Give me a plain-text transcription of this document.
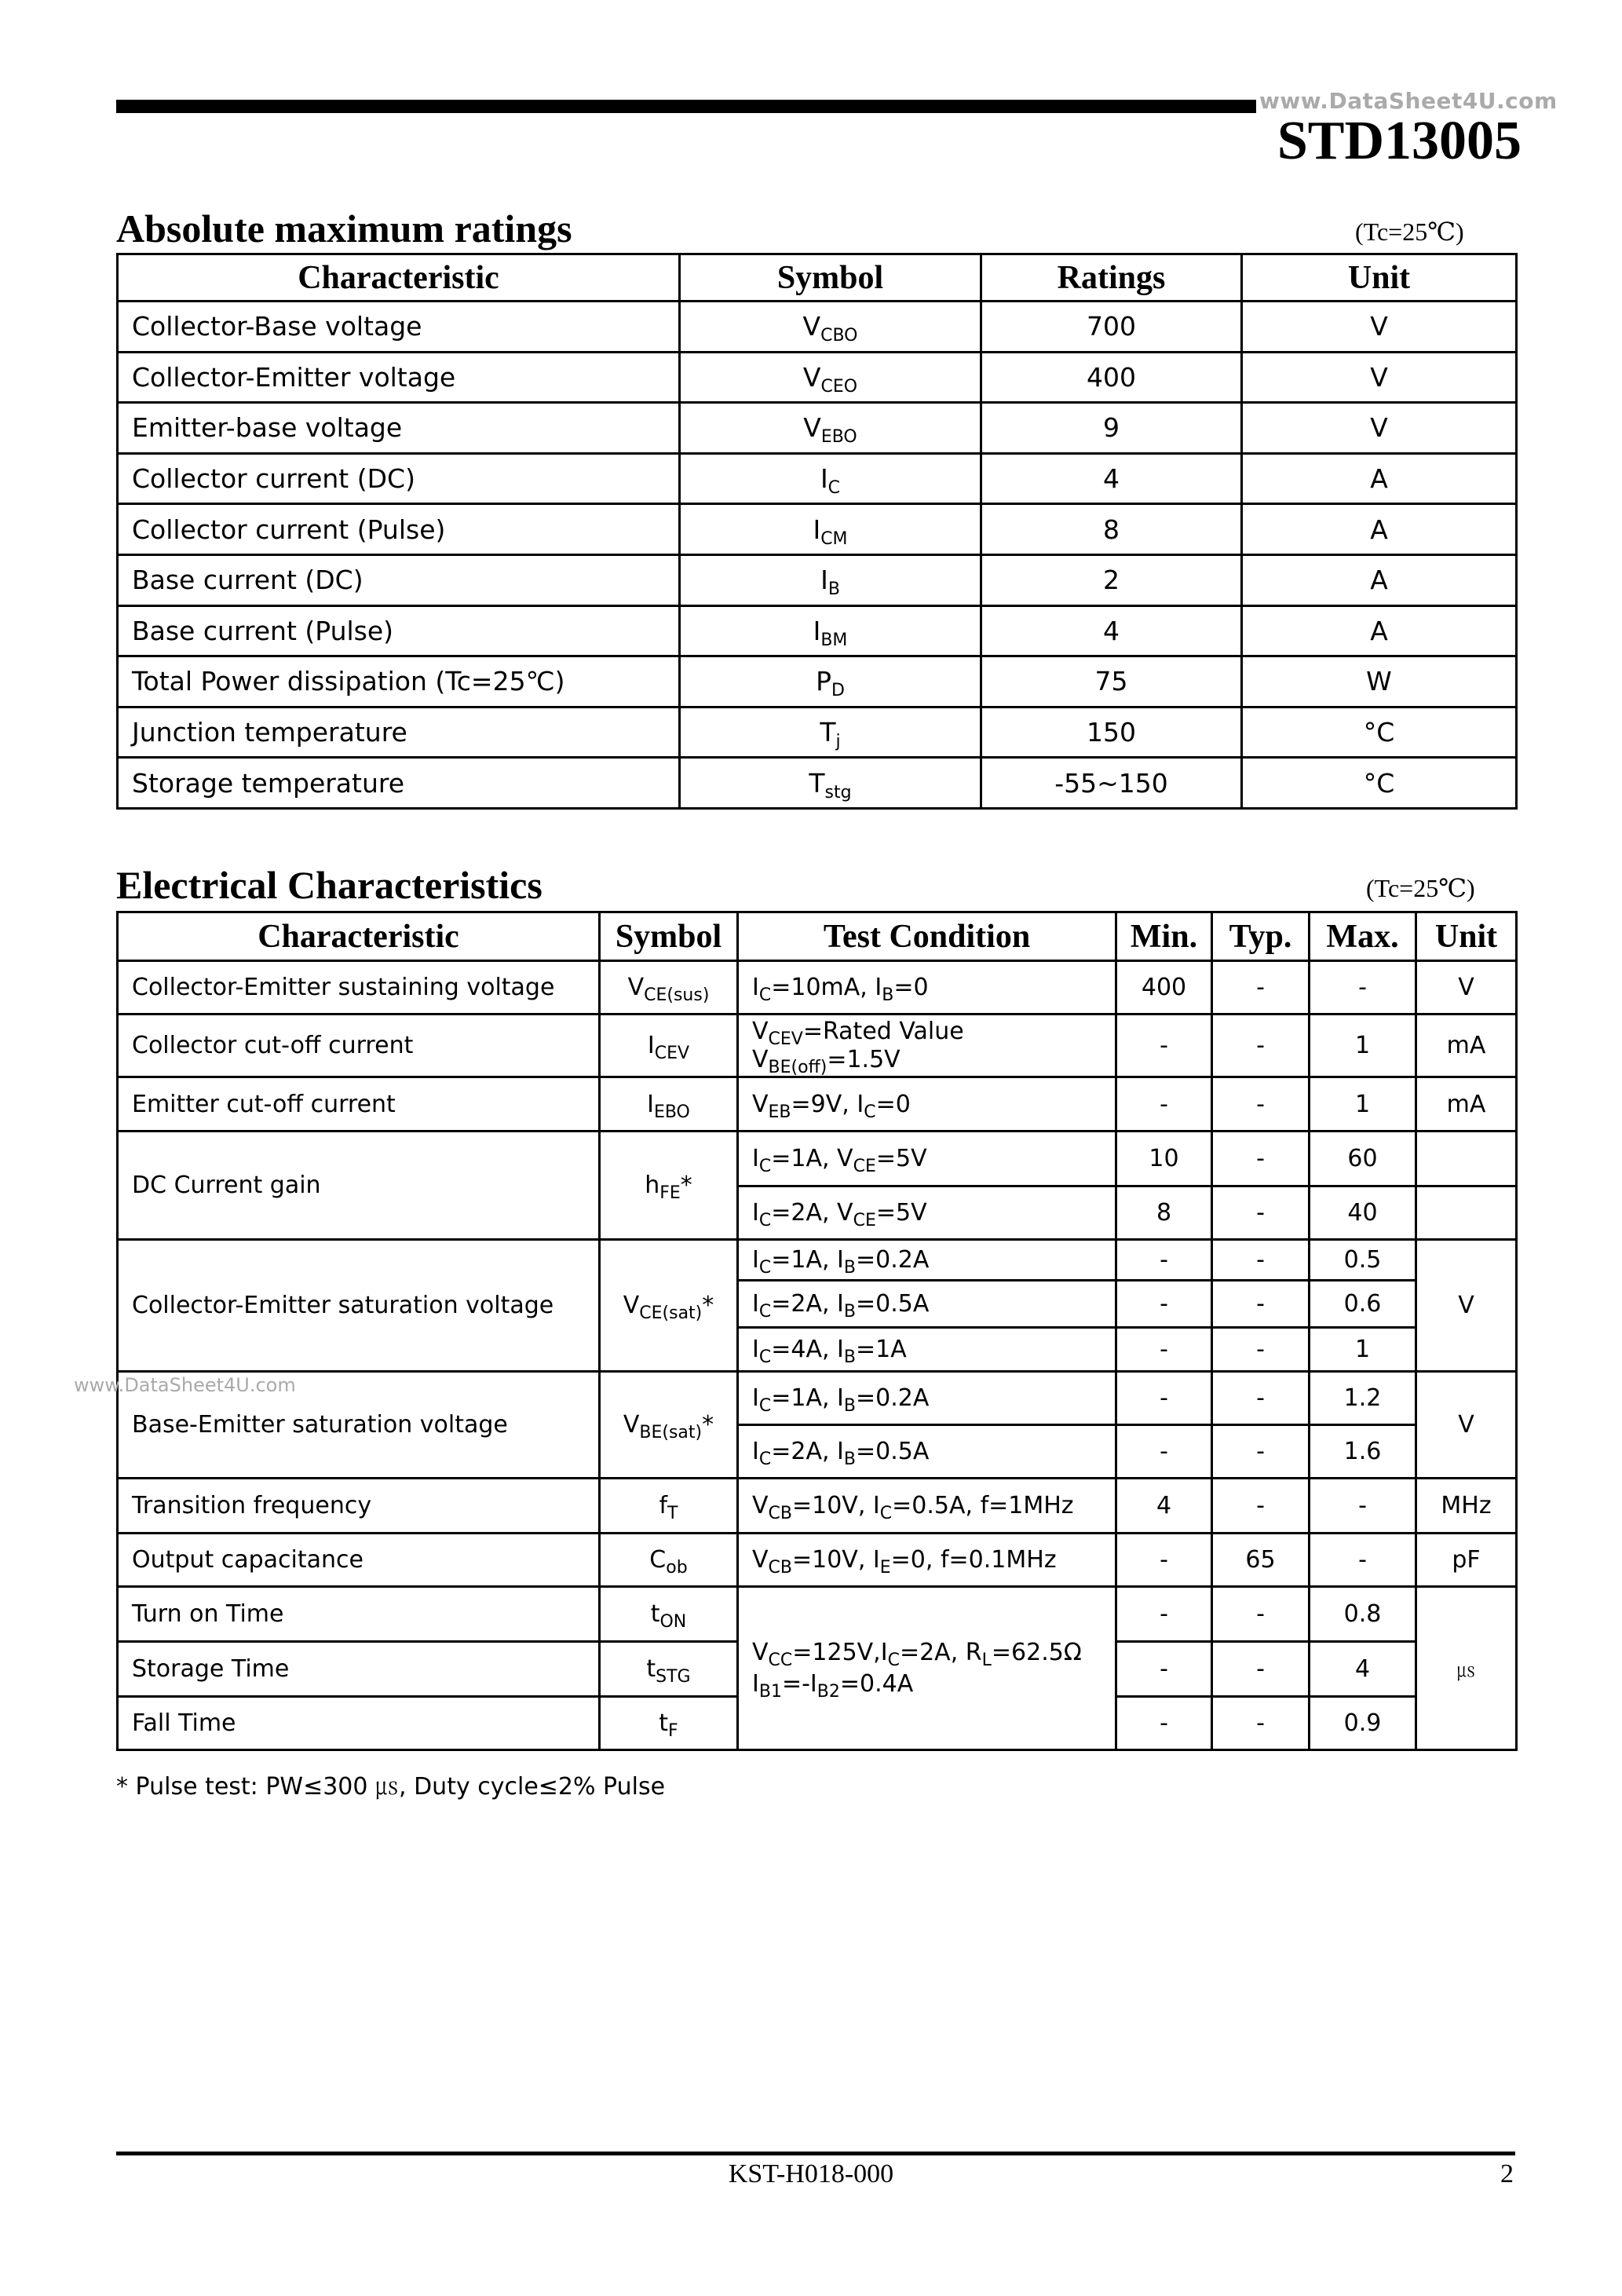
www.DataSheet4U.com
STD13005
Absolute maximum ratings	(Tc=25℃)
Characteristic	Symbol	Ratings	Unit
Collector-Base voltage	$V_{CBO}$	700	V
Collector-Emitter voltage	$V_{CEO}$	400	V
Emitter-base voltage	$V_{EBO}$	9	V
Collector current (DC)	$I_C$	4	A
Collector current (Pulse)	$I_{CM}$	8	A
Base current (DC)	$I_B$	2	A
Base current (Pulse)	$I_{BM}$	4	A
Total Power dissipation (Tc=25℃)	$P_D$	75	W
Junction temperature	$T_j$	150	°C
Storage temperature	$T_{stg}$	-55~150	°C
Electrical Characteristics	(Tc=25℃)
Characteristic	Symbol	Test Condition	Min.	Typ.	Max.	Unit
Collector-Emitter sustaining voltage	$V_{CE(sus)}$	$I_C=10mA$, $I_B=0$	400	-	-	V
Collector cut-off current	$I_{CEV}$	$V_{CEV}=Rated$ Value
$V_{BE(off)}=1.5V$	-	-	1	mA
Emitter cut-off current	$I_{EBO}$	$V_{EB}=9V$, $I_C=0$	-	-	1	mA
DC Current gain	$h_{FE}*$	$I_C=1A$, $V_{CE}=5V$	10	-	60	
		$I_C=2A$, $V_{CE}=5V$	8	-	40	
Collector-Emitter saturation voltage	$V_{CE(sat)}*$	$I_C=1A$, $I_B=0.2A$	-	-	0.5	V
		$I_C=2A$, $I_B=0.5A$	-	-	0.6	
		$I_C=4A$, $I_B=1A$	-	-	1	
Base-Emitter saturation voltage	$V_{BE(sat)}*$	$I_C=1A$, $I_B=0.2A$	-	-	1.2	V
		$I_C=2A$, $I_B=0.5A$	-	-	1.6	
Transition frequency	$f_T$	$V_{CB}=10V$, $I_C=0.5A$, f=1MHz	4	-	-	MHz
Output capacitance	$C_{ob}$	$V_{CB}=10V$, $I_E=0$, f=0.1MHz	-	65	-	pF
Turn on Time	$t_{ON}$	$V_{CC}=125V,I_C=2A$, $R_L=62.5\Omega$
$I_{B1}=-I_{B2}=0.4A$	-	-	0.8	㎲
Storage Time	$t_{STG}$		-	-	4	
Fall Time	$t_F$		-	-	0.9	
* Pulse test: PW≤300 ㎲, Duty cycle≤2% Pulse
www.DataSheet4U.com
KST-H018-000	2
